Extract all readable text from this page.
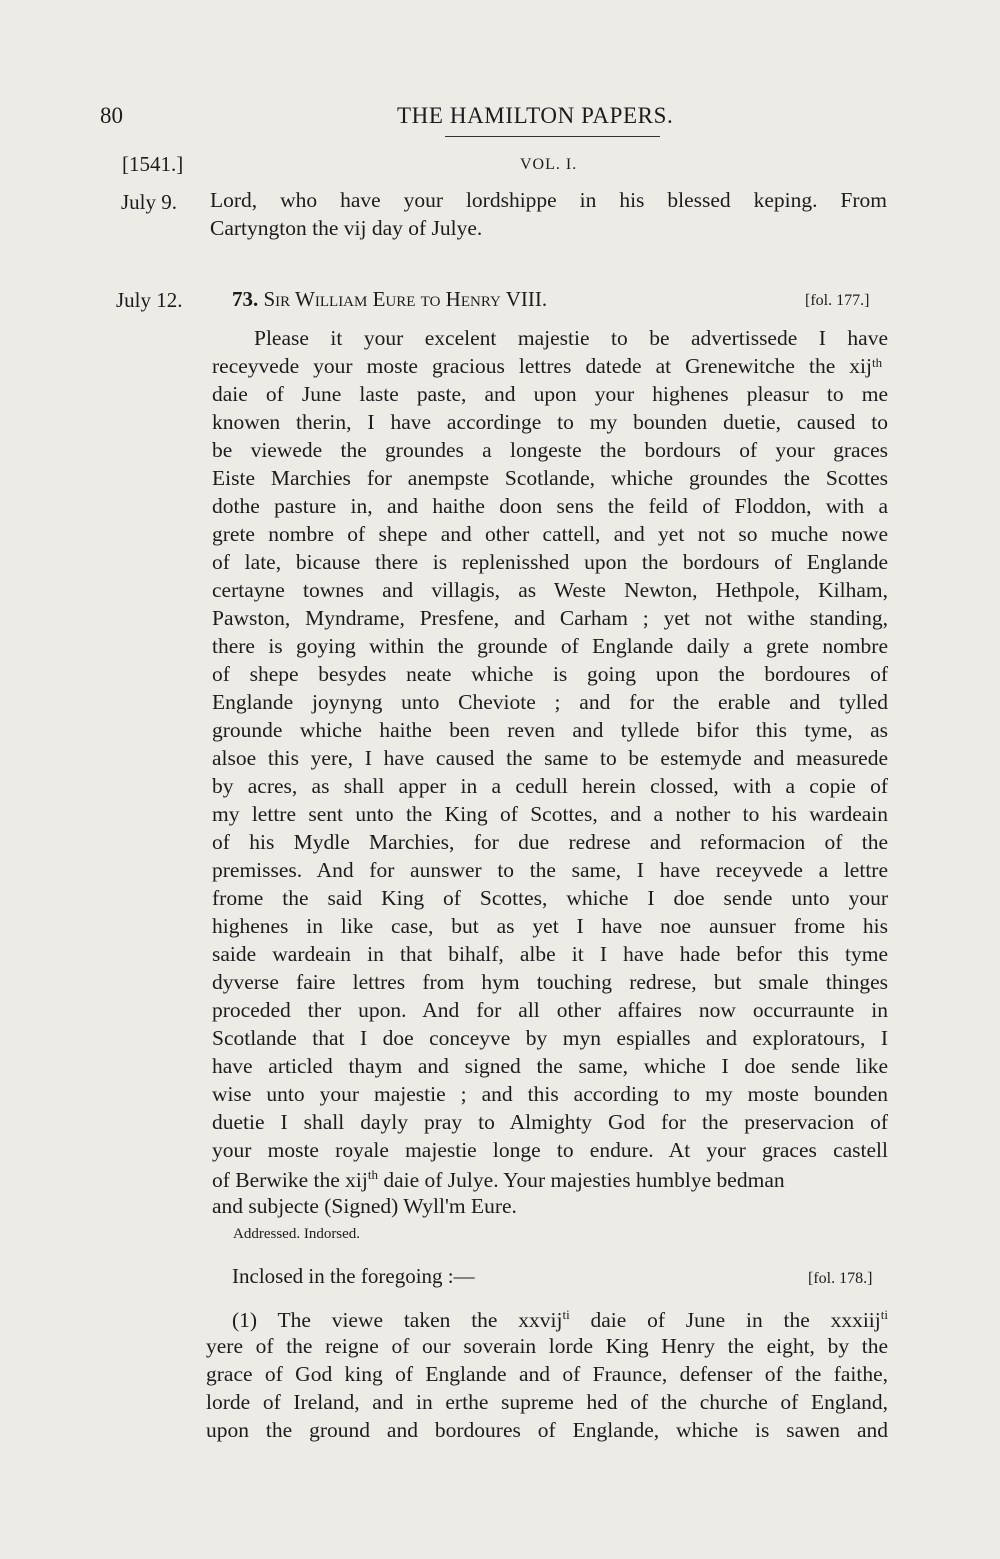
80	THE HAMILTON PAPERS.
[1541.]	VOL. I.
July 9. Lord, who have your lordshippe in his blessed keping. From
Cartyngton the vij day of Julye.
July 12. 73. Sir William Eure to Henry VIII.	[fol. 177.]
Please it your excelent majestie to be advertissede I have
receyvede your moste gracious lettres datede at Grenewitche the xij th
daie of June laste paste, and upon your highenes pleasur to me
knowen therin, I have accordinge to my bounden duetie, caused to
be viewede the groundes a longeste the bordours of your graces
Eiste Marchies for anempste Scotlande, whiche groundes the Scottes
dothe pasture in, and haithe doon sens the feild of Floddon, with a
grete nombre of shepe and other cattell, and yet not so muche nowe
of late, bicause there is replenisshed upon the bordours of Englande
certayne townes and villagis, as Weste Newton, Hethpole, Kilham,
Pawston, Myndrame, Presfene, and Carham ; yet not withe standing,
there is goying within the grounde of Englande daily a grete nombre
of shepe besydes neate whiche is going upon the bordoures of
Englande joynyng unto Cheviote ; and for the erable and tylled
grounde whiche haithe been reven and tyllede bifor this tyme, as
alsoe this yere, I have caused the same to be estemyde and measurede
by acres, as shall apper in a cedull herein clossed, with a copie of
my lettre sent unto the King of Scottes, and a nother to his wardeain
of his Mydle Marchies, for due redrese and reformacion of the
premisses. And for aunswer to the same, I have receyvede a lettre
frome the said King of Scottes, whiche I doe sende unto your
highenes in like case, but as yet I have noe aunsuer frome his
saide wardeain in that bihalf, albe it I have hade befor this tyme
dyverse faire lettres from hym touching redrese, but smale thinges
proceded ther upon. And for all other affaires now occurraunte in
Scotlande that I doe conceyve by myn espialles and exploratours, I
have articled thaym and signed the same, whiche I doe sende like
wise unto your majestie ; and this according to my moste bounden
duetie I shall dayly pray to Almighty God for the preservacion of
your moste royale majestie longe to endure. At your graces castell
of Berwike the xij$^{th}$ daie of Julye. Your majesties humblye bedman
and subjecte (Signed) Wyll'm Eure.
Addressed. Indorsed.
Inclosed in the foregoing :—	[fol. 178.]
(1) The viewe taken the xxvij$^{ti}$ daie of June in the xxxiij$^{ti}$
yere of the reigne of our soverain lorde King Henry the eight, by the
grace of God king of Englande and of Fraunce, defenser of the faithe,
lorde of Ireland, and in erthe supreme hed of the churche of England,
upon the ground and bordoures of Englande, whiche is sawen and
